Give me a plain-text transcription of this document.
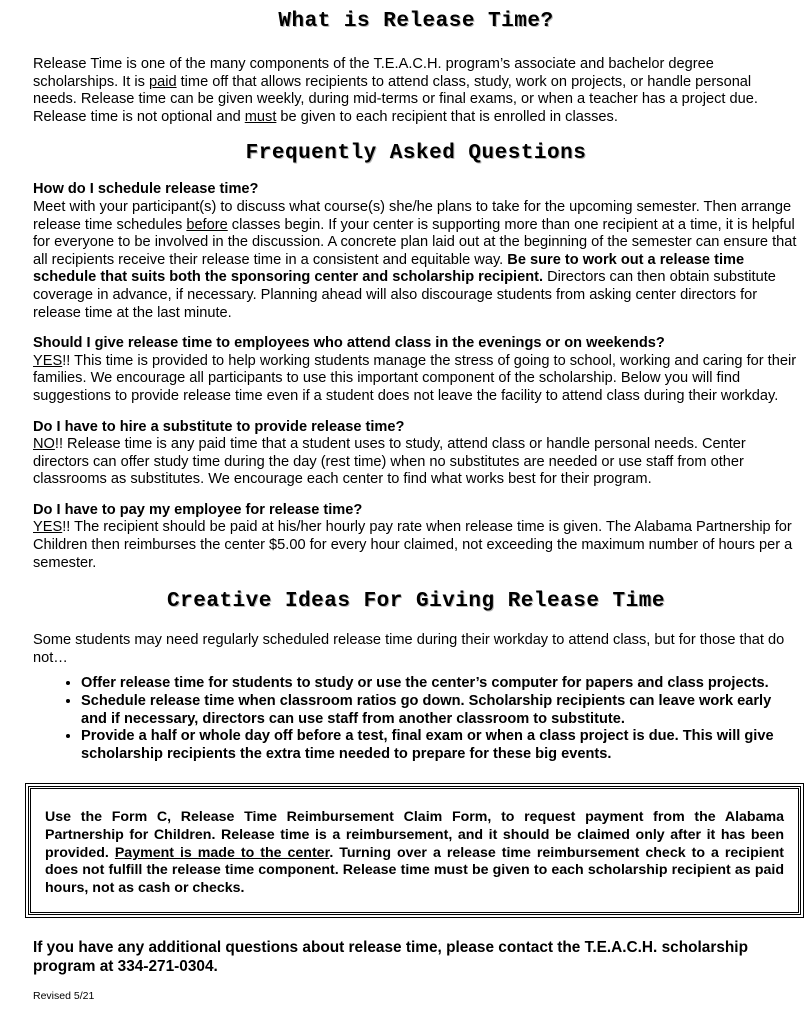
What is Release Time?

Release Time is one of the many components of the T.E.A.C.H. program’s associate and bachelor degree scholarships. It is paid time off that allows recipients to attend class, study, work on projects, or handle personal needs. Release time can be given weekly, during mid-terms or final exams, or when a teacher has a project due. Release time is not optional and must be given to each recipient that is enrolled in classes.

Frequently Asked Questions

How do I schedule release time?

Meet with your participant(s) to discuss what course(s) she/he plans to take for the upcoming semester. Then arrange release time schedules before classes begin. If your center is supporting more than one recipient at a time, it is helpful for everyone to be involved in the discussion. A concrete plan laid out at the beginning of the semester can ensure that all recipients receive their release time in a consistent and equitable way. Be sure to work out a release time schedule that suits both the sponsoring center and scholarship recipient. Directors can then obtain substitute coverage in advance, if necessary. Planning ahead will also discourage students from asking center directors for release time at the last minute.

Should I give release time to employees who attend class in the evenings or on weekends?

YES!! This time is provided to help working students manage the stress of going to school, working and caring for their families. We encourage all participants to use this important component of the scholarship. Below you will find suggestions to provide release time even if a student does not leave the facility to attend class during their workday.

Do I have to hire a substitute to provide release time?

NO!! Release time is any paid time that a student uses to study, attend class or handle personal needs. Center directors can offer study time during the day (rest time) when no substitutes are needed or use staff from other classrooms as substitutes. We encourage each center to find what works best for their program.

Do I have to pay my employee for release time?

YES!! The recipient should be paid at his/her hourly pay rate when release time is given. The Alabama Partnership for Children then reimburses the center $5.00 for every hour claimed, not exceeding the maximum number of hours per a semester.

Creative Ideas For Giving Release Time

Some students may need regularly scheduled release time during their workday to attend class, but for those that do not…

• Offer release time for students to study or use the center’s computer for papers and class projects.
• Schedule release time when classroom ratios go down. Scholarship recipients can leave work early and if necessary, directors can use staff from another classroom to substitute.
• Provide a half or whole day off before a test, final exam or when a class project is due. This will give scholarship recipients the extra time needed to prepare for these big events.

Use the Form C, Release Time Reimbursement Claim Form, to request payment from the Alabama Partnership for Children. Release time is a reimbursement, and it should be claimed only after it has been provided. Payment is made to the center. Turning over a release time reimbursement check to a recipient does not fulfill the release time component. Release time must be given to each scholarship recipient as paid hours, not as cash or checks.

If you have any additional questions about release time, please contact the T.E.A.C.H. scholarship program at 334-271-0304.

Revised 5/21
